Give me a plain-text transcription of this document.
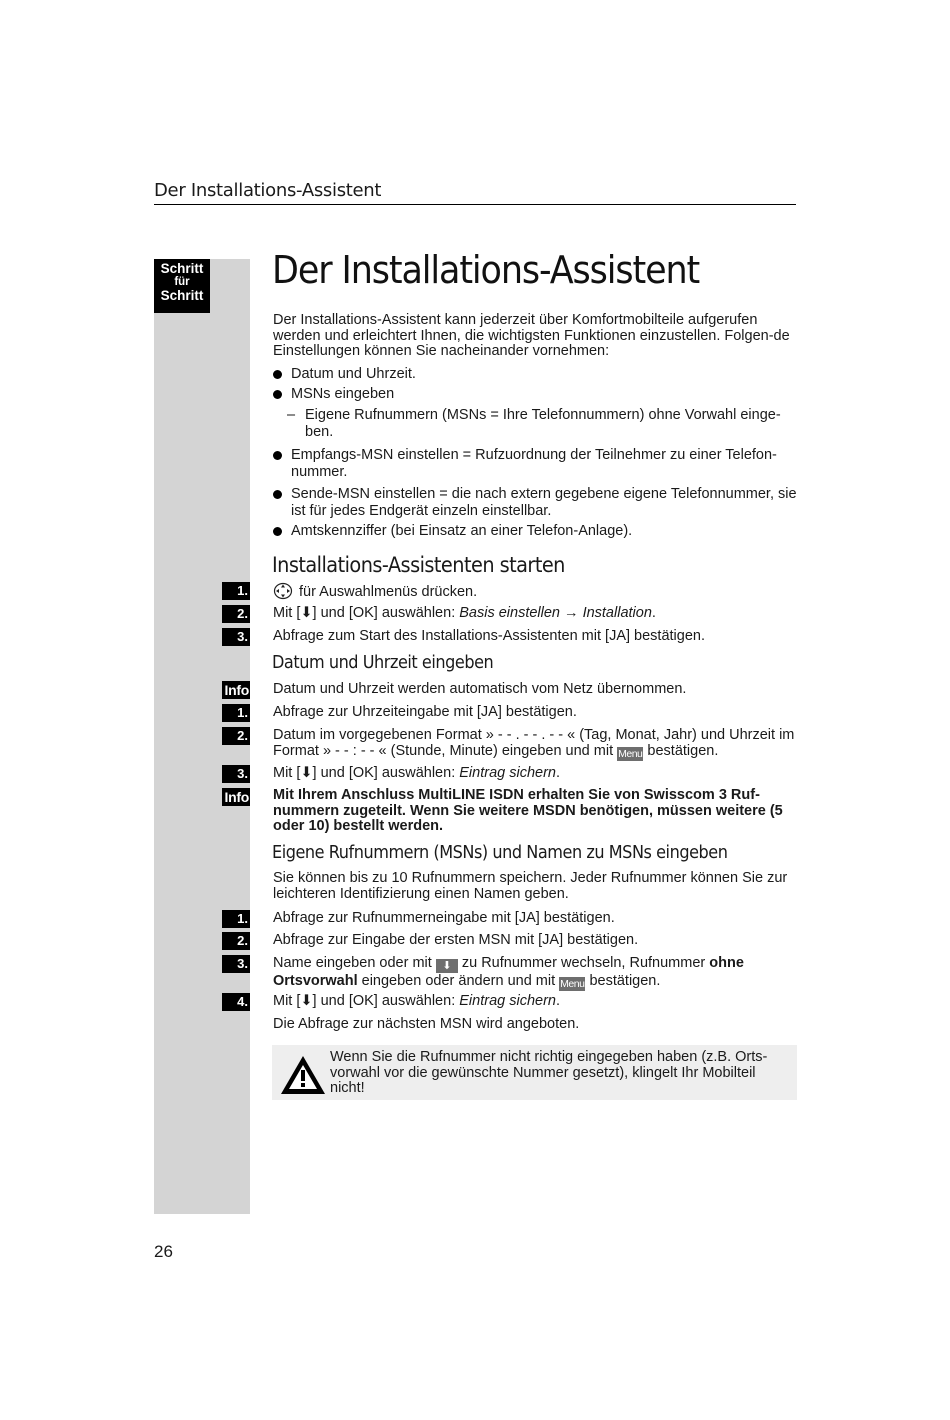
Der Installations-Assistent
Schritt
für
Schritt
Der Installations-Assistent
Der Installations-Assistent kann jederzeit über Komfortmobilteile aufgerufen werden und erleichtert Ihnen, die wichtigsten Funktionen einzustellen. Folgen-de Einstellungen können Sie nacheinander vornehmen:
Datum und Uhrzeit.
MSNs eingeben
– Eigene Rufnummern (MSNs = Ihre Telefonnummern) ohne Vorwahl einge-ben.
Empfangs-MSN einstellen = Rufzuordnung der Teilnehmer zu einer Telefon-nummer.
Sende-MSN einstellen = die nach extern gegebene eigene Telefonnummer, sie ist für jedes Endgerät einzeln einstellbar.
Amtskennziffer (bei Einsatz an einer Telefon-Anlage).
Installations-Assistenten starten
1.	für Auswahlmenüs drücken.
2. Mit [⬇] und [OK] auswählen: Basis einstellen → Installation.
3. Abfrage zum Start des Installations-Assistenten mit [JA] bestätigen.
Datum und Uhrzeit eingeben
Info Datum und Uhrzeit werden automatisch vom Netz übernommen.
1. Abfrage zur Uhrzeiteingabe mit [JA] bestätigen.
2. Datum im vorgegebenen Format » - - . - - . - - « (Tag, Monat, Jahr) und Uhrzeit im Format » - - : - - « (Stunde, Minute) eingeben und mit Menu bestätigen.
3. Mit [⬇] und [OK] auswählen: Eintrag sichern.
Info Mit Ihrem Anschluss MultiLINE ISDN erhalten Sie von Swisscom 3 Ruf-nummern zugeteilt. Wenn Sie weitere MSDN benötigen, müssen weitere (5 oder 10) bestellt werden.
Eigene Rufnummern (MSNs) und Namen zu MSNs eingeben
Sie können bis zu 10 Rufnummern speichern. Jeder Rufnummer können Sie zur leichteren Identifizierung einen Namen geben.
1. Abfrage zur Rufnummerneingabe mit [JA] bestätigen.
2. Abfrage zur Eingabe der ersten MSN mit [JA] bestätigen.
3. Name eingeben oder mit ⬇ zu Rufnummer wechseln, Rufnummer ohne Ortsvorwahl eingeben oder ändern und mit Menu bestätigen.
4. Mit [⬇] und [OK] auswählen: Eintrag sichern.
Die Abfrage zur nächsten MSN wird angeboten.
Wenn Sie die Rufnummer nicht richtig eingegeben haben (z.B. Orts-vorwahl vor die gewünschte Nummer gesetzt), klingelt Ihr Mobilteil nicht!
26
